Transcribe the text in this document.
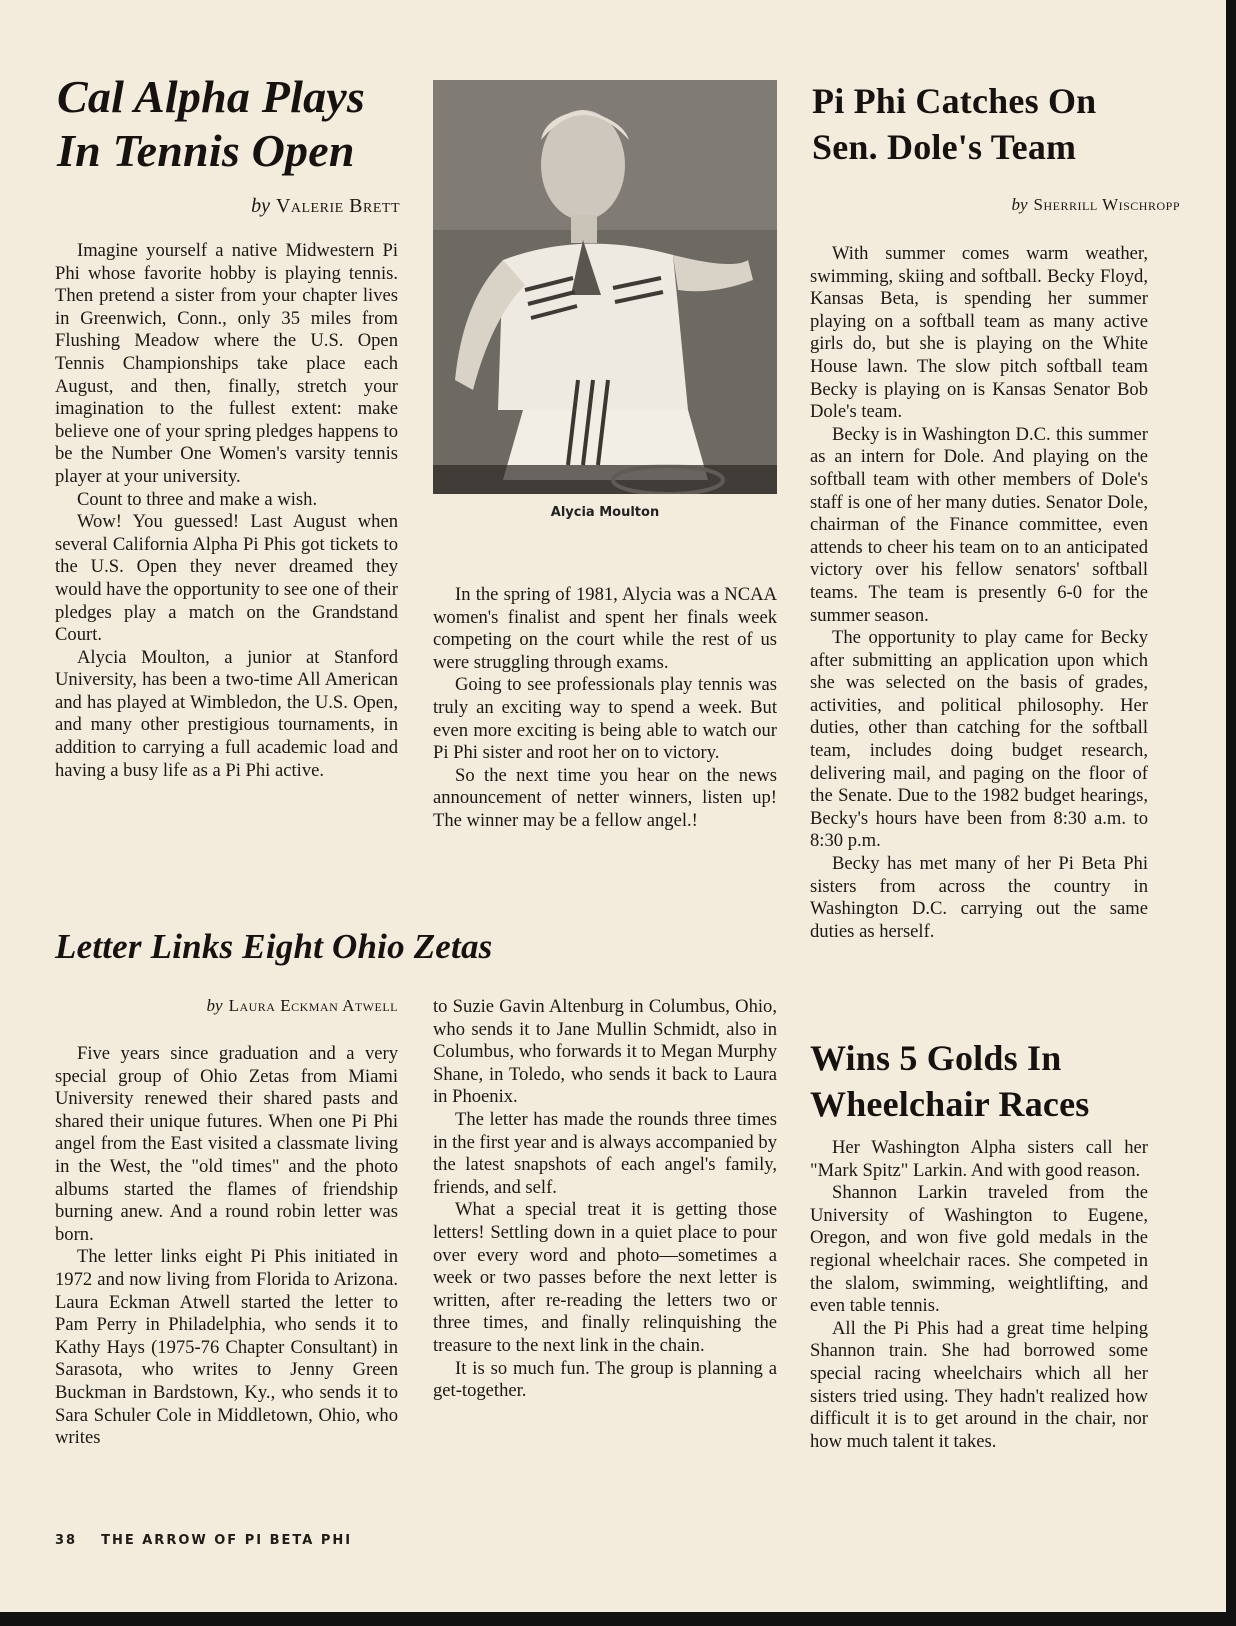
Cal Alpha Plays
In Tennis Open

by Valerie Brett

Imagine yourself a native Midwestern Pi Phi whose favorite hobby is playing tennis. Then pretend a sister from your chapter lives in Greenwich, Conn., only 35 miles from Flushing Meadow where the U.S. Open Tennis Championships take place each August, and then, finally, stretch your imagination to the fullest extent: make believe one of your spring pledges happens to be the Number One Women's varsity tennis player at your university.

Count to three and make a wish.

Wow! You guessed! Last August when several California Alpha Pi Phis got tickets to the U.S. Open they never dreamed they would have the opportunity to see one of their pledges play a match on the Grandstand Court.

Alycia Moulton, a junior at Stanford University, has been a two-time All American and has played at Wimbledon, the U.S. Open, and many other prestigious tournaments, in addition to carrying a full academic load and having a busy life as a Pi Phi active.

Alycia Moulton

In the spring of 1981, Alycia was a NCAA women's finalist and spent her finals week competing on the court while the rest of us were struggling through exams.

Going to see professionals play tennis was truly an exciting way to spend a week. But even more exciting is being able to watch our Pi Phi sister and root her on to victory.

So the next time you hear on the news announcement of netter winners, listen up! The winner may be a fellow angel.!

Pi Phi Catches On
Sen. Dole's Team

by Sherrill Wischropp

With summer comes warm weather, swimming, skiing and softball. Becky Floyd, Kansas Beta, is spending her summer playing on a softball team as many active girls do, but she is playing on the White House lawn. The slow pitch softball team Becky is playing on is Kansas Senator Bob Dole's team.

Becky is in Washington D.C. this summer as an intern for Dole. And playing on the softball team with other members of Dole's staff is one of her many duties. Senator Dole, chairman of the Finance committee, even attends to cheer his team on to an anticipated victory over his fellow senators' softball teams. The team is presently 6-0 for the summer season.

The opportunity to play came for Becky after submitting an application upon which she was selected on the basis of grades, activities, and political philosophy. Her duties, other than catching for the softball team, includes doing budget research, delivering mail, and paging on the floor of the Senate. Due to the 1982 budget hearings, Becky's hours have been from 8:30 a.m. to 8:30 p.m.

Becky has met many of her Pi Beta Phi sisters from across the country in Washington D.C. carrying out the same duties as herself.

Letter Links Eight Ohio Zetas

by Laura Eckman Atwell

Five years since graduation and a very special group of Ohio Zetas from Miami University renewed their shared pasts and shared their unique futures. When one Pi Phi angel from the East visited a classmate living in the West, the "old times" and the photo albums started the flames of friendship burning anew. And a round robin letter was born.

The letter links eight Pi Phis initiated in 1972 and now living from Florida to Arizona. Laura Eckman Atwell started the letter to Pam Perry in Philadelphia, who sends it to Kathy Hays (1975-76 Chapter Consultant) in Sarasota, who writes to Jenny Green Buckman in Bardstown, Ky., who sends it to Sara Schuler Cole in Middletown, Ohio, who writes

to Suzie Gavin Altenburg in Columbus, Ohio, who sends it to Jane Mullin Schmidt, also in Columbus, who forwards it to Megan Murphy Shane, in Toledo, who sends it back to Laura in Phoenix.

The letter has made the rounds three times in the first year and is always accompanied by the latest snapshots of each angel's family, friends, and self.

What a special treat it is getting those letters! Settling down in a quiet place to pour over every word and photo—sometimes a week or two passes before the next letter is written, after re-reading the letters two or three times, and finally relinquishing the treasure to the next link in the chain.

It is so much fun. The group is planning a get-together.

Wins 5 Golds In
Wheelchair Races

Her Washington Alpha sisters call her "Mark Spitz" Larkin. And with good reason.

Shannon Larkin traveled from the University of Washington to Eugene, Oregon, and won five gold medals in the regional wheelchair races. She competed in the slalom, swimming, weightlifting, and even table tennis.

All the Pi Phis had a great time helping Shannon train. She had borrowed some special racing wheelchairs which all her sisters tried using. They hadn't realized how difficult it is to get around in the chair, nor how much talent it takes.

38 THE ARROW OF PI BETA PHI
